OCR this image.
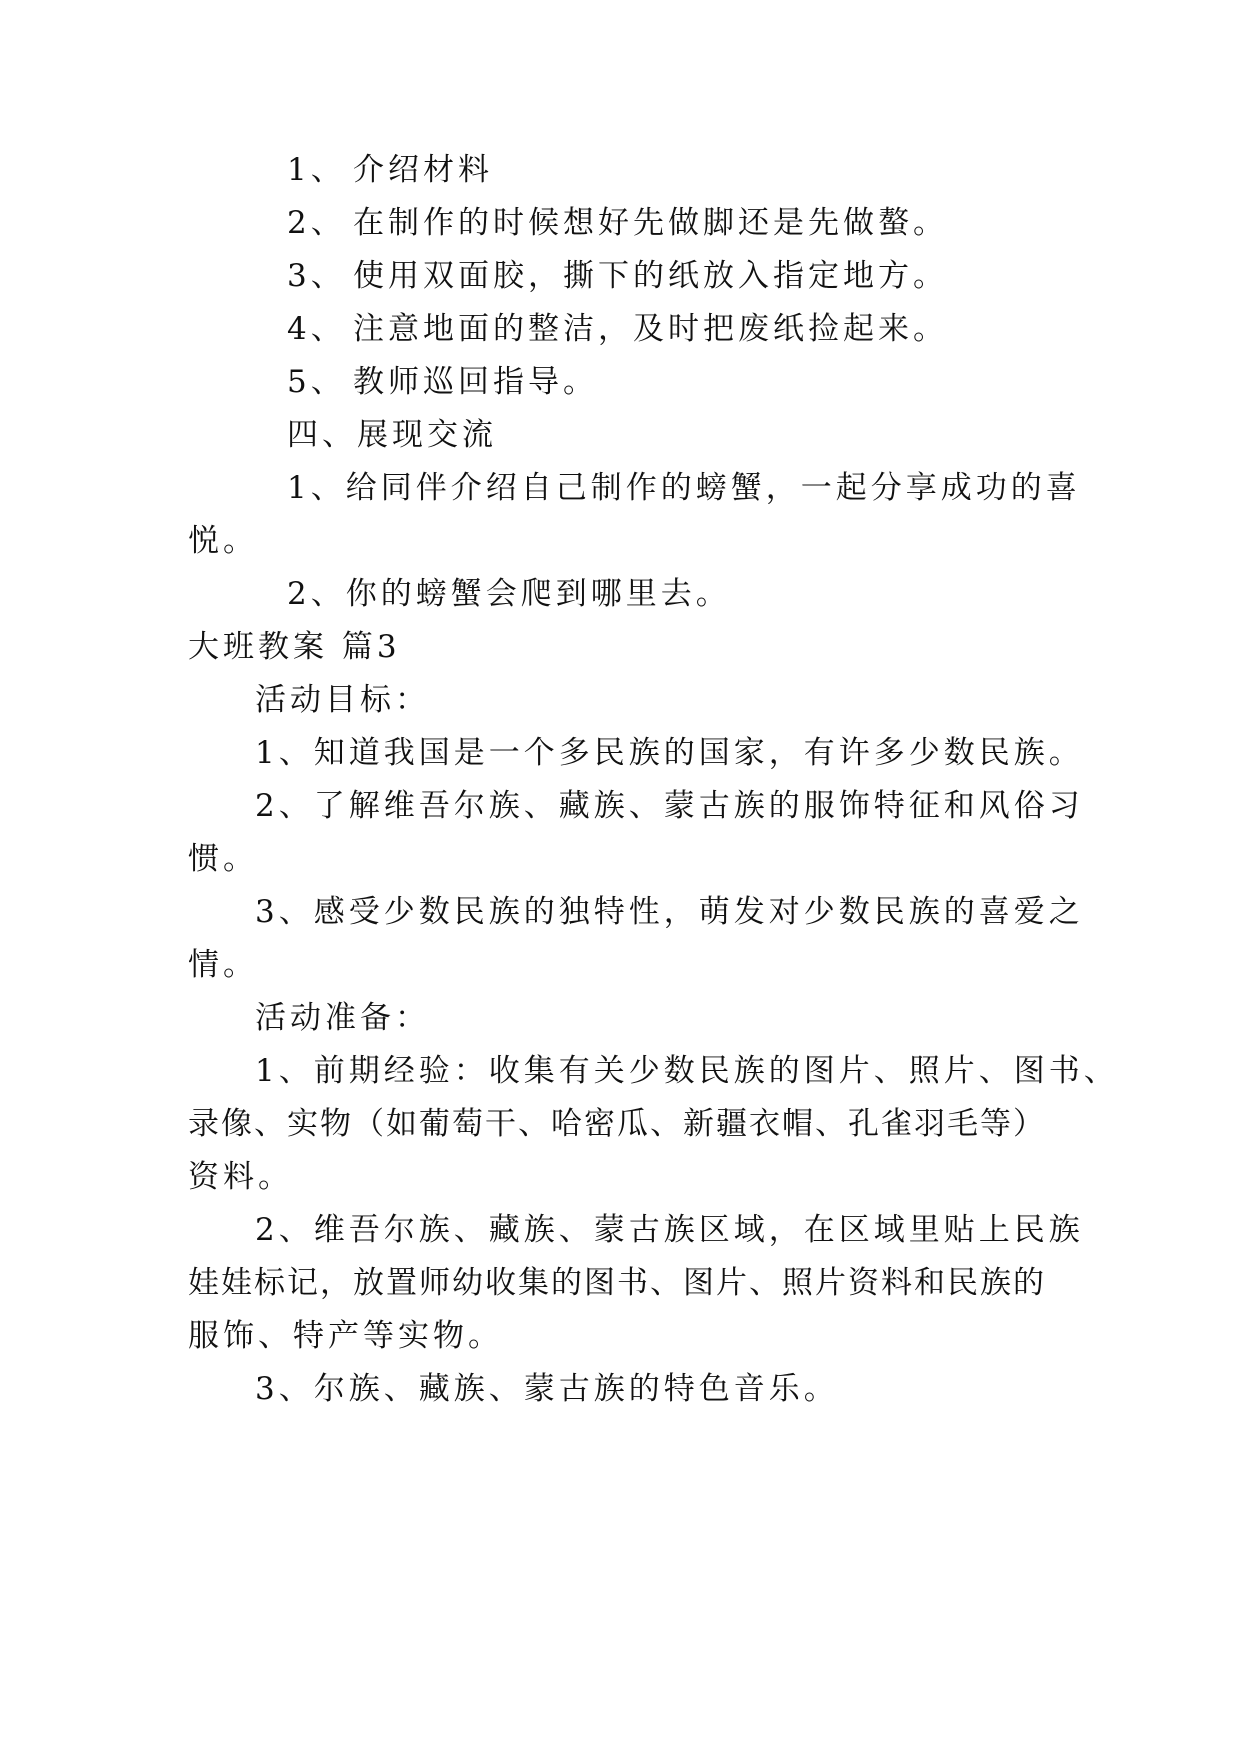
1、 介绍材料
2、 在制作的时候想好先做脚还是先做螯。
3、 使用双面胶，撕下的纸放入指定地方。
4、 注意地面的整洁，及时把废纸捡起来。
5、 教师巡回指导。
四、展现交流
1、给同伴介绍自己制作的螃蟹，一起分享成功的喜
悦。
2、你的螃蟹会爬到哪里去。
大班教案 篇3
活动目标：
1、知道我国是一个多民族的国家，有许多少数民族。
2、了解维吾尔族、藏族、蒙古族的服饰特征和风俗习
惯。
3、感受少数民族的独特性，萌发对少数民族的喜爱之
情。
活动准备：
1、前期经验：收集有关少数民族的图片、照片、图书、
录像、实物（如葡萄干、哈密瓜、新疆衣帽、孔雀羽毛等）
资料。
2、维吾尔族、藏族、蒙古族区域，在区域里贴上民族
娃娃标记，放置师幼收集的图书、图片、照片资料和民族的
服饰、特产等实物。
3、尔族、藏族、蒙古族的特色音乐。
